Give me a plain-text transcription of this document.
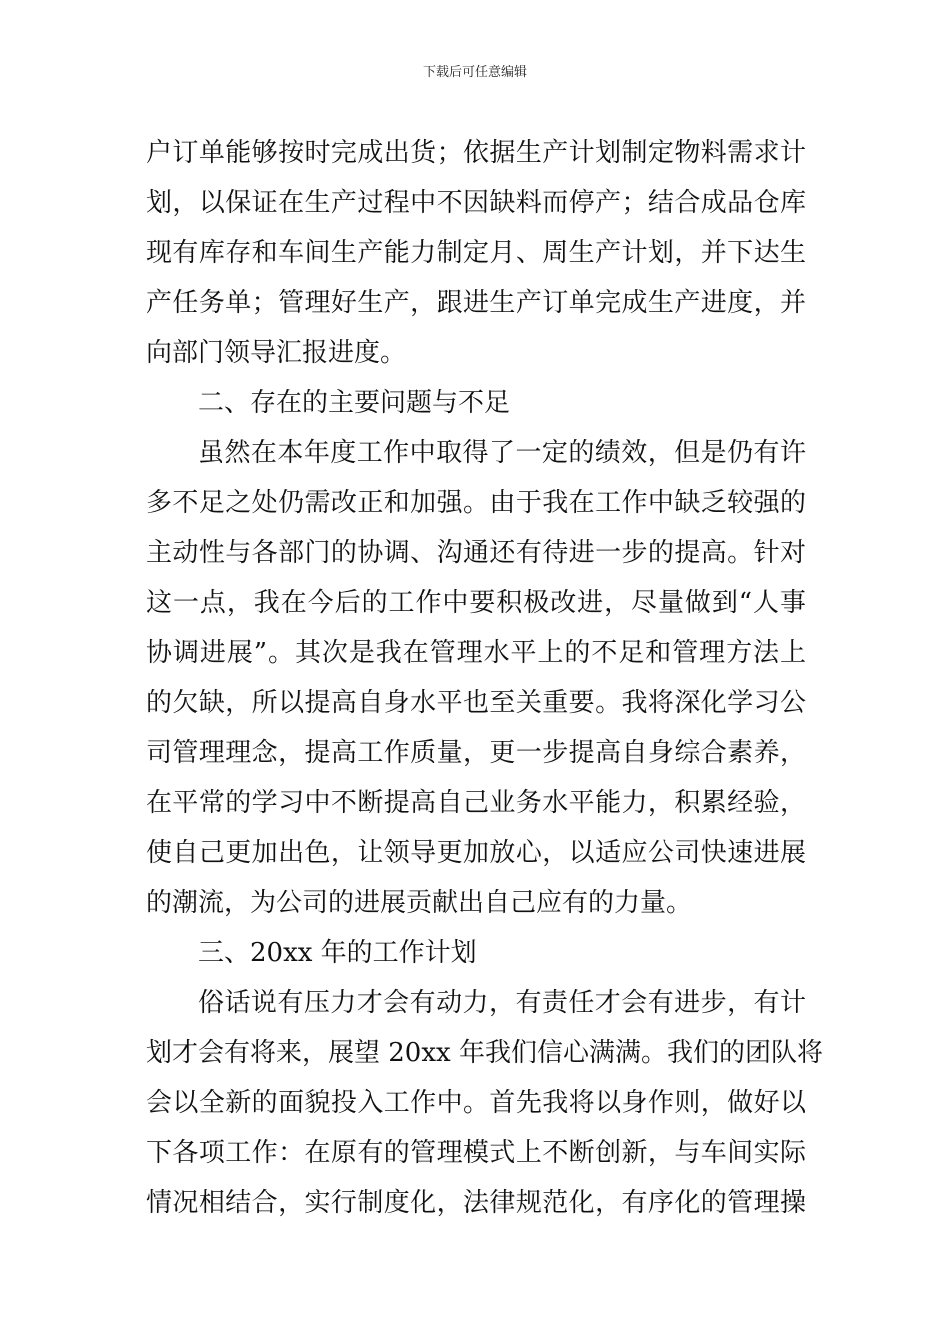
下载后可任意编辑
户订单能够按时完成出货；依据生产计划制定物料需求计
划，以保证在生产过程中不因缺料而停产；结合成品仓库
现有库存和车间生产能力制定月、周生产计划，并下达生
产任务单；管理好生产，跟进生产订单完成生产进度，并
向部门领导汇报进度。
二、存在的主要问题与不足
虽然在本年度工作中取得了一定的绩效，但是仍有许
多不足之处仍需改正和加强。由于我在工作中缺乏较强的
主动性与各部门的协调、沟通还有待进一步的提高。针对
这一点，我在今后的工作中要积极改进，尽量做到“人事
协调进展”。其次是我在管理水平上的不足和管理方法上
的欠缺，所以提高自身水平也至关重要。我将深化学习公
司管理理念，提高工作质量，更一步提高自身综合素养，
在平常的学习中不断提高自己业务水平能力，积累经验，
使自己更加出色，让领导更加放心，以适应公司快速进展
的潮流，为公司的进展贡献出自己应有的力量。
三、20xx 年的工作计划
俗话说有压力才会有动力，有责任才会有进步，有计
划才会有将来，展望 20xx 年我们信心满满。我们的团队将
会以全新的面貌投入工作中。首先我将以身作则，做好以
下各项工作：在原有的管理模式上不断创新，与车间实际
情况相结合，实行制度化，法律规范化，有序化的管理操
